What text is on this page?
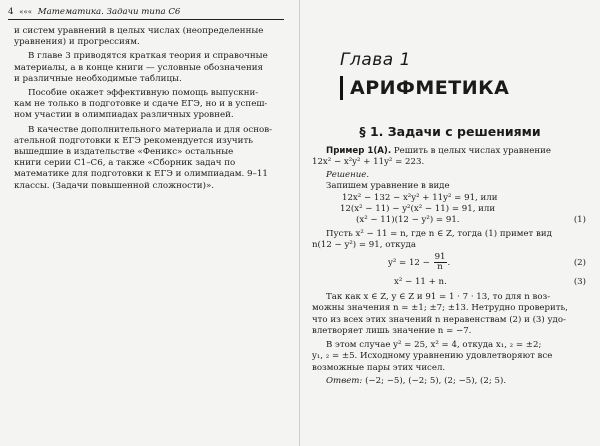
4 ««« Математика. Задачи типа С6

и систем уравнений в целых числах (неопределенные

уравнения) и прогрессиям.

В главе 3 приводятся краткая теория и справочные

материалы, а в конце книги — условные обозначения

и различные необходимые таблицы.

Пособие окажет эффективную помощь выпускни-

кам не только в подготовке и сдаче ЕГЭ, но и в успеш-

ном участии в олимпиадах различных уровней.

В качестве дополнительного материала и для основ-

ательной подготовки к ЕГЭ рекомендуется изучить

вышедшие в издательстве «Феникс» остальные

книги серии С1–С6, а также «Сборник задач по

математике для подготовки к ЕГЭ и олимпиадам. 9–11

классы. (Задачи повышенной сложности)».

Глава 1
АРИФМЕТИКА
§ 1. Задачи с решениями
Пример 1(А). Решить в целых числах уравнение
12x² − x²y² + 11y² = 223.
Решение.
Запишем уравнение в виде
12x² − 132 − x²y² + 11y² = 91, или
12(x² − 11) − y²(x² − 11) = 91, или
(x² − 11)(12 − y²) = 91.	(1)
Пусть x² − 11 = n, где n ∈ Z, тогда (1) примет вид
n(12 − y²) = 91, откуда
$y^2 = 12 - \frac{91}{n}$ .	(2)
x² − 11 + n.	(3)
Так как x ∈ Z, y ∈ Z и 91 = 1 · 7 · 13, то для n воз-
можны значения n = ±1; ±7; ±13. Нетрудно проверить,
что из всех этих значений n неравенствам (2) и (3) удо-
влетворяет лишь значение n = −7.
В этом случае y² = 25, x² = 4, откуда x₁, ₂ = ±2;
y₁, ₂ = ±5. Исходному уравнению удовлетворяют все
возможные пары этих чисел.
Ответ: (−2; −5), (−2; 5), (2; −5), (2; 5).
